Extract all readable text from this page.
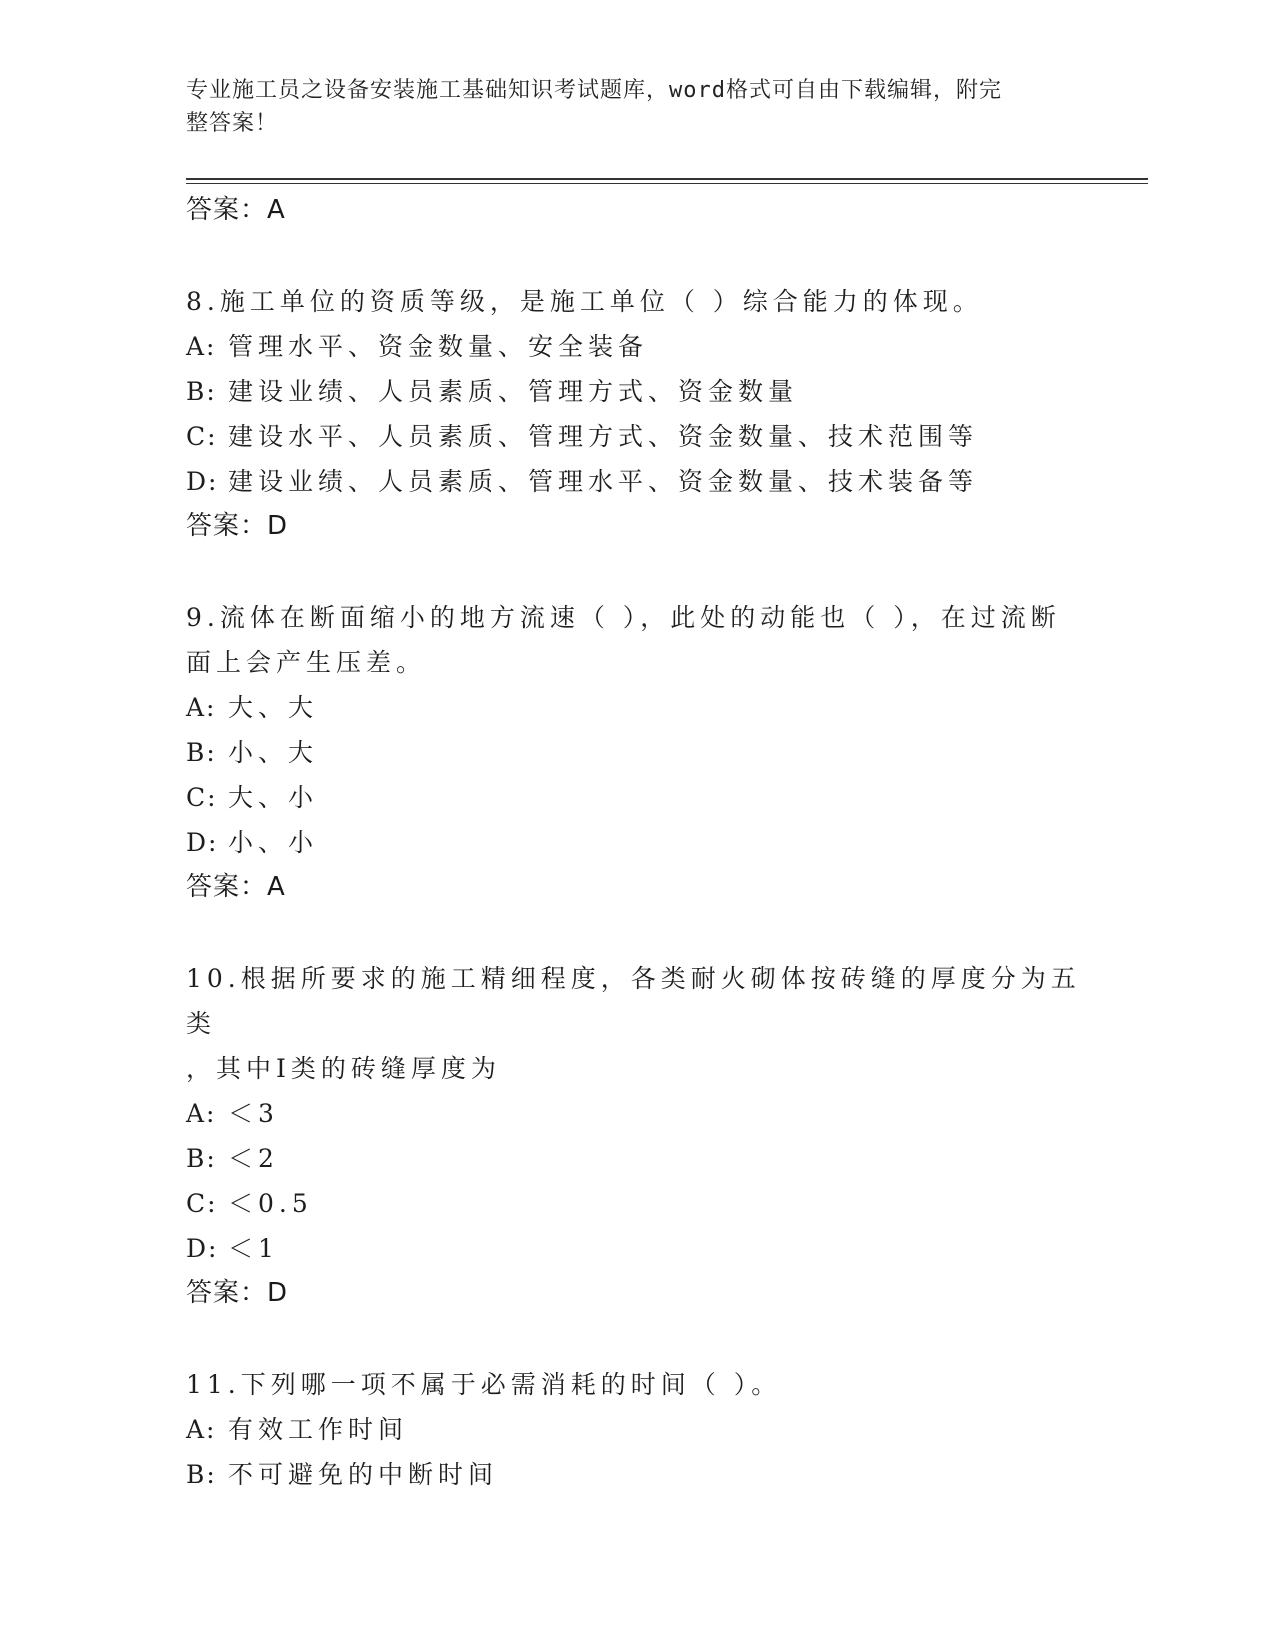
专业施工员之设备安装施工基础知识考试题库，word格式可自由下载编辑，附完
整答案！
答案：A
8.施工单位的资质等级，是施工单位（ ）综合能力的体现。
A: 管理水平、资金数量、安全装备
B: 建设业绩、人员素质、管理方式、资金数量
C: 建设水平、人员素质、管理方式、资金数量、技术范围等
D: 建设业绩、人员素质、管理水平、资金数量、技术装备等
答案：D
9.流体在断面缩小的地方流速（ ），此处的动能也（ ），在过流断
面上会产生压差。
A: 大、大
B: 小、大
C: 大、小
D: 小、小
答案：A
10.根据所要求的施工精细程度，各类耐火砌体按砖缝的厚度分为五类
，其中Ⅰ类的砖缝厚度为
A: ＜3
B: ＜2
C: ＜0.5
D: ＜1
答案：D
11.下列哪一项不属于必需消耗的时间（ ）。
A: 有效工作时间
B: 不可避免的中断时间
